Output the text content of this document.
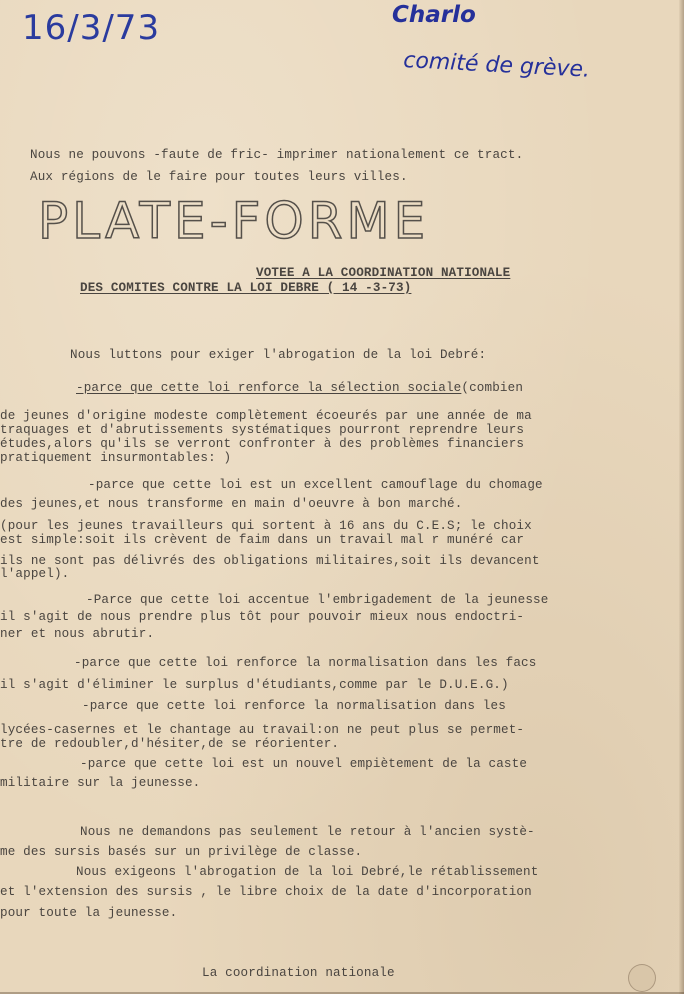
16/3/73	Charlo
comité de grève.
Nous ne pouvons -faute de fric- imprimer nationalement ce tract.
Aux régions de le faire pour toutes leurs villes.
PLATE-FORME
VOTEE A LA COORDINATION NATIONALE
DES COMITES CONTRE LA LOI DEBRE ( 14 -3-73)
Nous luttons pour exiger l'abrogation de la loi Debré:
-parce que cette loi renforce la sélection sociale(combien
de jeunes d'origine modeste complètement écoeurés par une année de ma
traquages et d'abrutissements systématiques pourront reprendre leurs
études,alors qu'ils se verront confronter à des problèmes financiers
pratiquement insurmontables: )
-parce que cette loi est un excellent camouflage du chomage
des jeunes,et nous transforme en main d'oeuvre à bon marché.
(pour les jeunes travailleurs qui sortent à 16 ans du C.E.S; le choix
est simple:soit ils crèvent de faim dans un travail mal r munéré car
ils ne sont pas délivrés des obligations militaires,soit ils devancent
l'appel).
-Parce que cette loi accentue l'embrigadement de la jeunesse
il s'agit de nous prendre plus tôt pour pouvoir mieux nous endoctri-
ner et nous abrutir.
-parce que cette loi renforce la normalisation dans les facs
il s'agit d'éliminer le surplus d'étudiants,comme par le D.U.E.G.)
-parce que cette loi renforce la normalisation dans les
lycées-casernes et le chantage au travail:on ne peut plus se permet-
tre de redoubler,d'hésiter,de se réorienter.
-parce que cette loi est un nouvel empiètement de la caste
militaire sur la jeunesse.
Nous ne demandons pas seulement le retour à l'ancien systè-
me des sursis basés sur un privilège de classe.
Nous exigeons l'abrogation de la loi Debré,le rétablissement
et l'extension des sursis , le libre choix de la date d'incorporation
pour toute la jeunesse.
La coordination nationale
